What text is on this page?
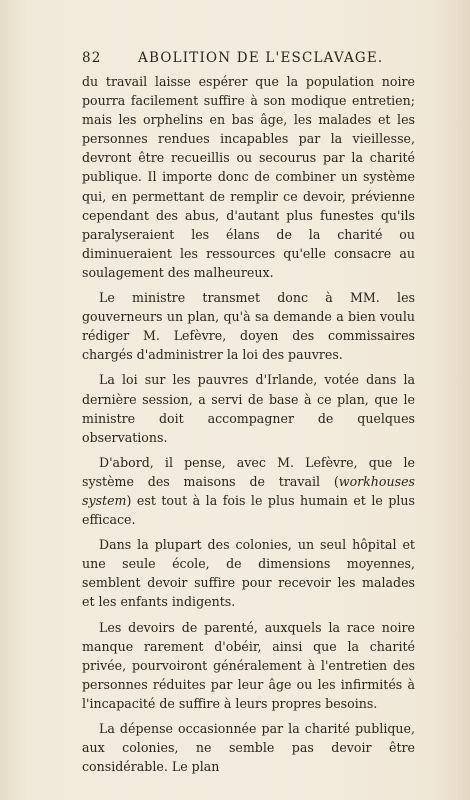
82	ABOLITION DE L'ESCLAVAGE.

du travail laisse espérer que la population noire pourra facilement suffire à son modique entretien; mais les orphelins en bas âge, les malades et les personnes rendues incapables par la vieillesse, devront être recueillis ou secourus par la charité publique. Il importe donc de combiner un système qui, en permettant de remplir ce devoir, prévienne cependant des abus, d'autant plus funestes qu'ils paralyseraient les élans de la charité ou diminueraient les ressources qu'elle consacre au soulagement des malheureux.

Le ministre transmet donc à MM. les gouverneurs un plan, qu'à sa demande a bien voulu rédiger M. Lefèvre, doyen des commissaires chargés d'administrer la loi des pauvres.

La loi sur les pauvres d'Irlande, votée dans la dernière session, a servi de base à ce plan, que le ministre doit accompagner de quelques observations.

D'abord, il pense, avec M. Lefèvre, que le système des maisons de travail (workhouses system) est tout à la fois le plus humain et le plus efficace.

Dans la plupart des colonies, un seul hôpital et une seule école, de dimensions moyennes, semblent devoir suffire pour recevoir les malades et les enfants indigents.

Les devoirs de parenté, auxquels la race noire manque rarement d'obéir, ainsi que la charité privée, pourvoiront généralement à l'entretien des personnes réduites par leur âge ou les infirmités à l'incapacité de suffire à leurs propres besoins.

La dépense occasionnée par la charité publique, aux colonies, ne semble pas devoir être considérable. Le plan
